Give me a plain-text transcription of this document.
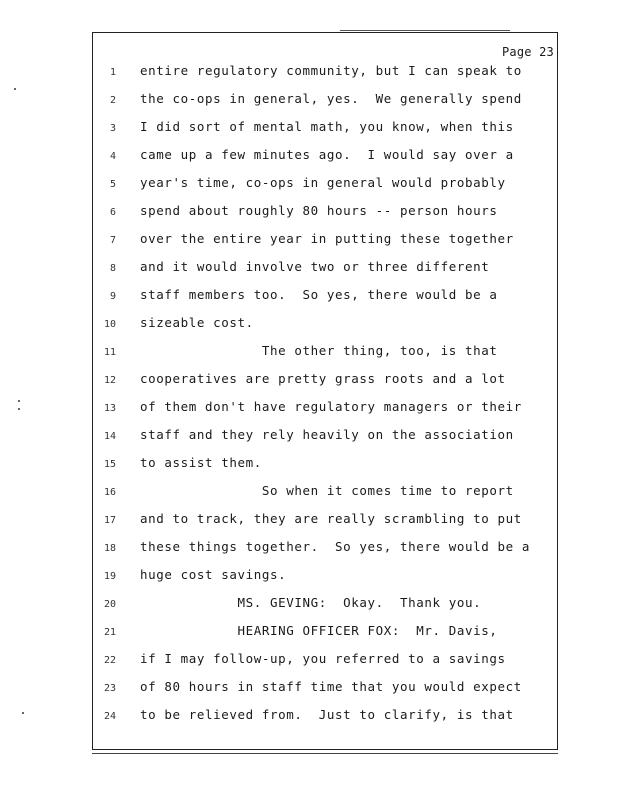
Page 23
1 entire regulatory community, but I can speak to
2 the co-ops in general, yes.  We generally spend
3 I did sort of mental math, you know, when this
4 came up a few minutes ago.  I would say over a
5 year's time, co-ops in general would probably
6 spend about roughly 80 hours -- person hours
7 over the entire year in putting these together
8 and it would involve two or three different
9 staff members too.  So yes, there would be a
10 sizeable cost.
11 The other thing, too, is that
12 cooperatives are pretty grass roots and a lot
13 of them don't have regulatory managers or their
14 staff and they rely heavily on the association
15 to assist them.
16 So when it comes time to report
17 and to track, they are really scrambling to put
18 these things together.  So yes, there would be a
19 huge cost savings.
20 MS. GEVING:  Okay.  Thank you.
21 HEARING OFFICER FOX:  Mr. Davis,
22 if I may follow-up, you referred to a savings
23 of 80 hours in staff time that you would expect
24 to be relieved from.  Just to clarify, is that
